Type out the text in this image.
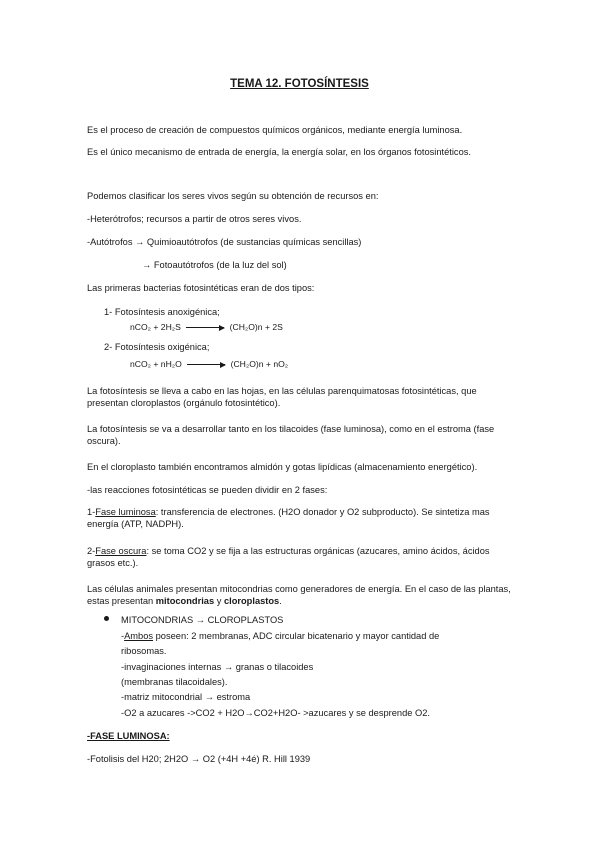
TEMA 12. FOTOSÍNTESIS
Es el proceso de creación de compuestos químicos orgánicos, mediante energía luminosa.
Es el único mecanismo de entrada de energía, la energía solar, en los órganos fotosintéticos.
Podemos clasificar los seres vivos según su obtención de recursos en:
-Heterótrofos; recursos a partir de otros seres vivos.
-Autótrofos → Quimioautótrofos (de sustancias químicas sencillas)
→ Fotoautótrofos (de la luz del sol)
Las primeras bacterias fotosintéticas eran de dos tipos:
1- Fotosíntesis anoxigénica;
nCO₂ + 2H₂S	(CH₂O)n + 2S
2- Fotosíntesis oxigénica;
nCO₂ + nH₂O	(CH₂O)n + nO₂
La fotosíntesis se lleva a cabo en las hojas, en las células parenquimatosas fotosintéticas, que presentan cloroplastos (orgánulo fotosintético).
La fotosíntesis se va a desarrollar tanto en los tilacoides (fase luminosa), como en el estroma (fase oscura).
En el cloroplasto también encontramos almidón y gotas lipídicas (almacenamiento energético).
-las reacciones fotosintéticas se pueden dividir en 2 fases:
1-Fase luminosa: transferencia de electrones. (H2O donador y O2 subproducto). Se sintetiza mas energía (ATP, NADPH).
2-Fase oscura: se toma CO2 y se fija a las estructuras orgánicas (azucares, amino ácidos, ácidos grasos etc.).
Las células animales presentan mitocondrias como generadores de energía. En el caso de las plantas, estas presentan mitocondrias y cloroplastos.
MITOCONDRIAS → CLOROPLASTOS
-Ambos poseen: 2 membranas, ADC circular bicatenario y mayor cantidad de
ribosomas.
-invaginaciones internas → granas o tilacoides
(membranas tilacoidales).
-matriz mitocondrial → estroma
-O2 a azucares ->CO2 + H2O→CO2+H2O- >azucares y se desprende O2.
-FASE LUMINOSA:
-Fotolisis del H20; 2H2O → O2 (+4H +4é) R. Hill 1939
